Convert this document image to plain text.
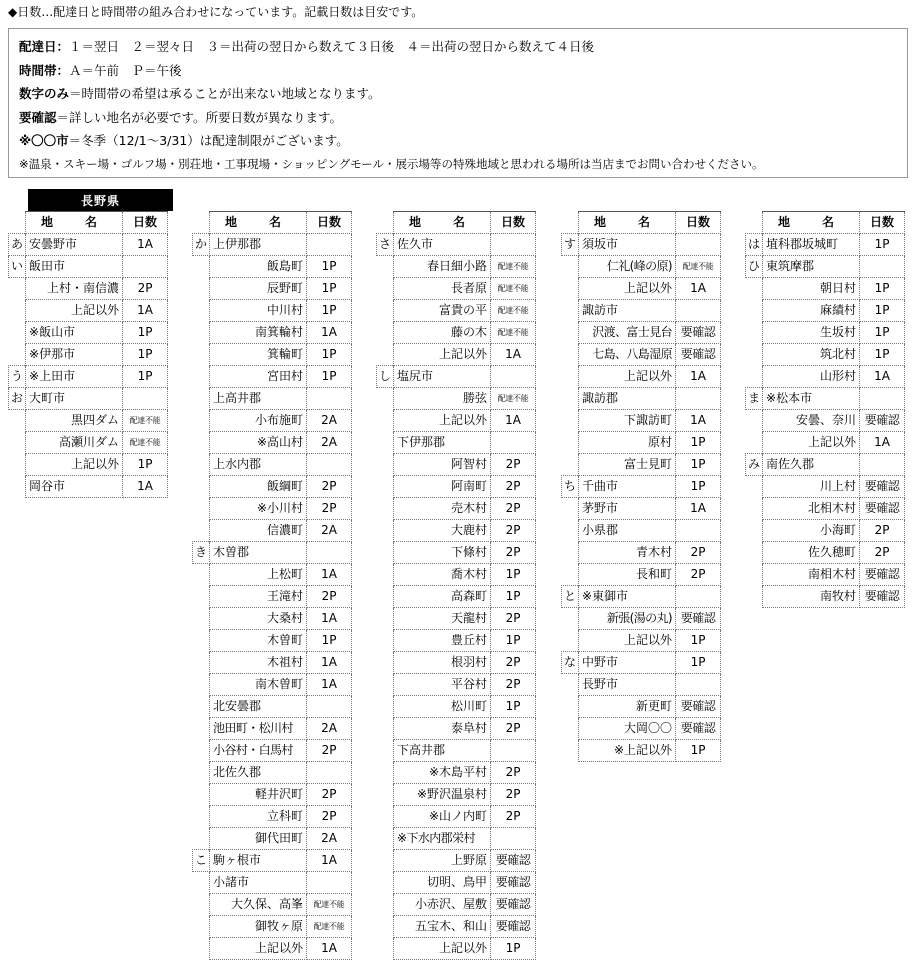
◆日数…配達日と時間帯の組み合わせになっています。記載日数は目安です。
配達日：１＝翌日　２＝翌々日　３＝出荷の翌日から数えて３日後　４＝出荷の翌日から数えて４日後
時間帯：Ａ＝午前　Ｐ＝午後
数字のみ＝時間帯の希望は承ることが出来ない地域となります。
要確認＝詳しい地名が必要です。所要日数が異なります。
※〇〇市＝冬季（12/1～3/31）は配達制限がございます。
※温泉・スキー場・ゴルフ場・別荘地・工事現場・ショッピングモール・展示場等の特殊地域と思われる場所は当店までお問い合わせください。
長野県
	地　名	日数
あ	安曇野市	1A
い	飯田市	
	上村・南信濃	2P
	上記以外	1A
	※飯山市	1P
	※伊那市	1P
う	※上田市	1P
お	大町市	
	黒四ダム	配達不能
	高瀬川ダム	配達不能
	上記以外	1P
	岡谷市	1A
	地　名	日数
か	上伊那郡	
	飯島町	1P
	辰野町	1P
	中川村	1P
	南箕輪村	1A
	箕輪町	1P
	宮田村	1P
	上高井郡	
	小布施町	2A
	※高山村	2A
	上水内郡	
	飯綱町	2P
	※小川村	2P
	信濃町	2A
き	木曽郡	
	上松町	1A
	王滝村	2P
	大桑村	1A
	木曽町	1P
	木祖村	1A
	南木曽町	1A
	北安曇郡	
	池田町・松川村	2A
	小谷村・白馬村	2P
	北佐久郡	
	軽井沢町	2P
	立科町	2P
	御代田町	2A
こ	駒ヶ根市	1A
	小諸市	
	大久保、高峯	配達不能
	御牧ヶ原	配達不能
	上記以外	1A
	地　名	日数
さ	佐久市	
	春日細小路	配達不能
	長者原	配達不能
	富貴の平	配達不能
	藤の木	配達不能
	上記以外	1A
し	塩尻市	
	勝弦	配達不能
	上記以外	1A
	下伊那郡	
	阿智村	2P
	阿南町	2P
	売木村	2P
	大鹿村	2P
	下條村	2P
	喬木村	1P
	高森町	1P
	天龍村	2P
	豊丘村	1P
	根羽村	2P
	平谷村	2P
	松川町	1P
	泰阜村	2P
	下高井郡	
	※木島平村	2P
	※野沢温泉村	2P
	※山ノ内町	2P
	※下水内郡栄村	
	上野原	要確認
	切明、鳥甲	要確認
	小赤沢、屋敷	要確認
	五宝木、和山	要確認
	上記以外	1P
	地　名	日数
す	須坂市	
	仁礼(峰の原)	配達不能
	上記以外	1A
	諏訪市	
	沢渡、富士見台	要確認
	七島、八島湿原	要確認
	上記以外	1A
	諏訪郡	
	下諏訪町	1A
	原村	1P
	富士見町	1P
ち	千曲市	1P
	茅野市	1A
	小県郡	
	青木村	2P
	長和町	2P
と	※東御市	
	新張(湯の丸)	要確認
	上記以外	1P
な	中野市	1P
	長野市	
	新更町	要確認
	大岡〇〇	要確認
	※上記以外	1P
	地　名	日数
は	埴科郡坂城町	1P
ひ	東筑摩郡	
	朝日村	1P
	麻績村	1P
	生坂村	1P
	筑北村	1P
	山形村	1A
ま	※松本市	
	安曇、奈川	要確認
	上記以外	1A
み	南佐久郡	
	川上村	要確認
	北相木村	要確認
	小海町	2P
	佐久穂町	2P
	南相木村	要確認
	南牧村	要確認
